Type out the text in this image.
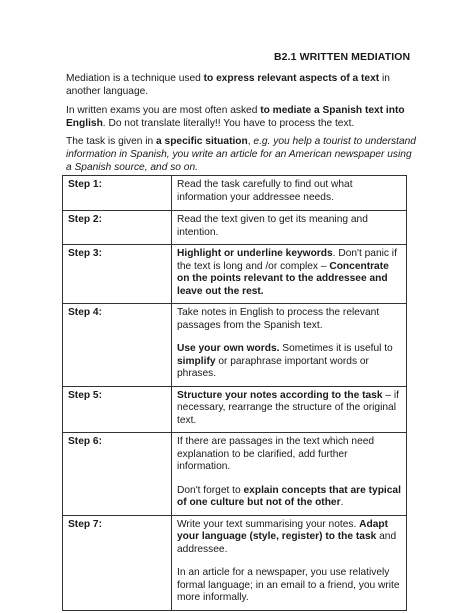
B2.1 WRITTEN MEDIATION
Mediation is a technique used to express relevant aspects of a text in another language.
In written exams you are most often asked to mediate a Spanish text into English. Do not translate literally!! You have to process the text.
The task is given in a specific situation, e.g. you help a tourist to understand information in Spanish, you write an article for an American newspaper using a Spanish source, and so on.
Step 1:	Read the task carefully to find out what information your addressee needs.
Step 2:	Read the text given to get its meaning and intention.
Step 3:	Highlight or underline keywords. Don't panic if the text is long and /or complex – Concentrate on the points relevant to the addressee and leave out the rest.
Step 4:	Take notes in English to process the relevant passages from the Spanish text.
Use your own words. Sometimes it is useful to simplify or paraphrase important words or phrases.

Step 5:	Structure your notes according to the task – if necessary, rearrange the structure of the original text.
Step 6:	If there are passages in the text which need explanation to be clarified, add further information.
Don't forget to explain concepts that are typical of one culture but not of the other.

Step 7:	Write your text summarising your notes. Adapt your language (style, register) to the task and addressee.
In an article for a newspaper, you use relatively formal language; in an email to a friend, you write more informally.
